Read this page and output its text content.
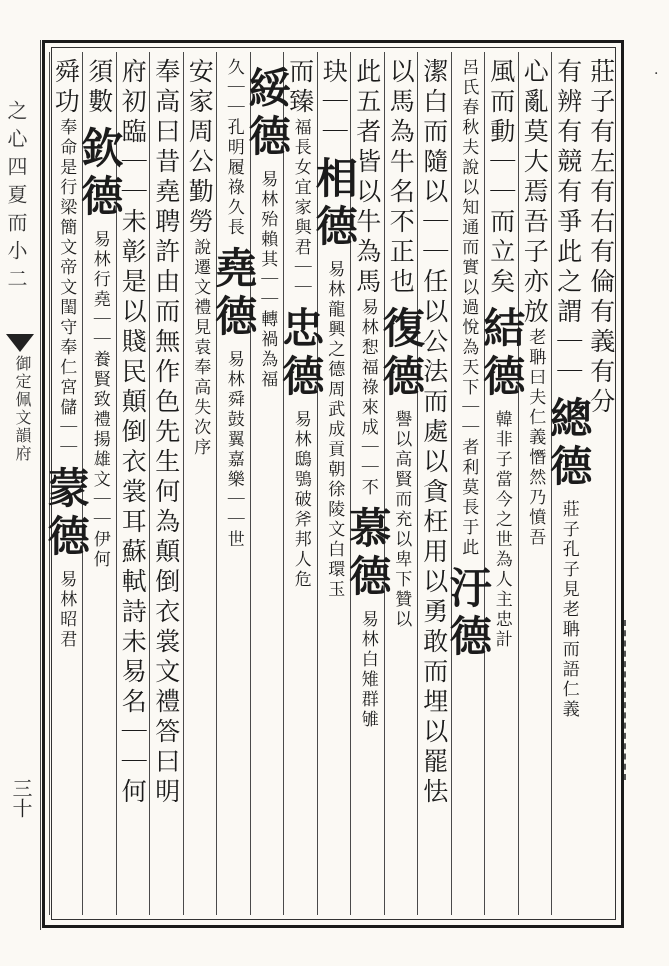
之心四夏而小二
御定佩文韻府
三十
莊子有左有右有倫有義有分
有辨有競有爭此之謂｜｜
總德
莊子孔子見老聃而語仁義
心亂莫大焉吾子亦放
老聃曰夫仁義憯然乃憤吾
風而動｜｜而立矣
結德
韓非子當今之世為人主忠計
呂氏春秋夫說以知通而實以過悅
為天下｜｜者利莫長于此
汙德
潔白而隨以｜｜任以公法而處以貪枉用以勇敢而埋以罷怯
以馬為牛名不正也
復德
譽以高賢而充以卑下贊以
此五者皆以牛為馬
易林
惒福祿來成｜｜不
慕德
易林白雉群雊
玦｜｜
相德
易林龍興之德周武成
貢朝徐陵文白環玉
而臻
福長女宜家與君｜｜
忠德
易林鴟鴞破斧邦人危
綏德
易林
殆賴其｜｜轉禍為福
久｜｜孔明履祿久長
堯德
易林舜鼓翼嘉樂｜｜世
安家周公勤勞
說遷文禮見袁奉高失次序
奉高曰昔堯聘許由而無作色先生何為顛倒衣裳文禮答曰明
府初臨｜｜未彰是以賤民顛倒衣裳耳蘇軾詩未易名｜｜何
須數
欽德
易林行堯｜｜養賢致禮揚雄文｜｜伊何
舜功
奉命是行梁簡文帝文閨守奉仁宮儲｜｜
蒙德
易林昭君
·
